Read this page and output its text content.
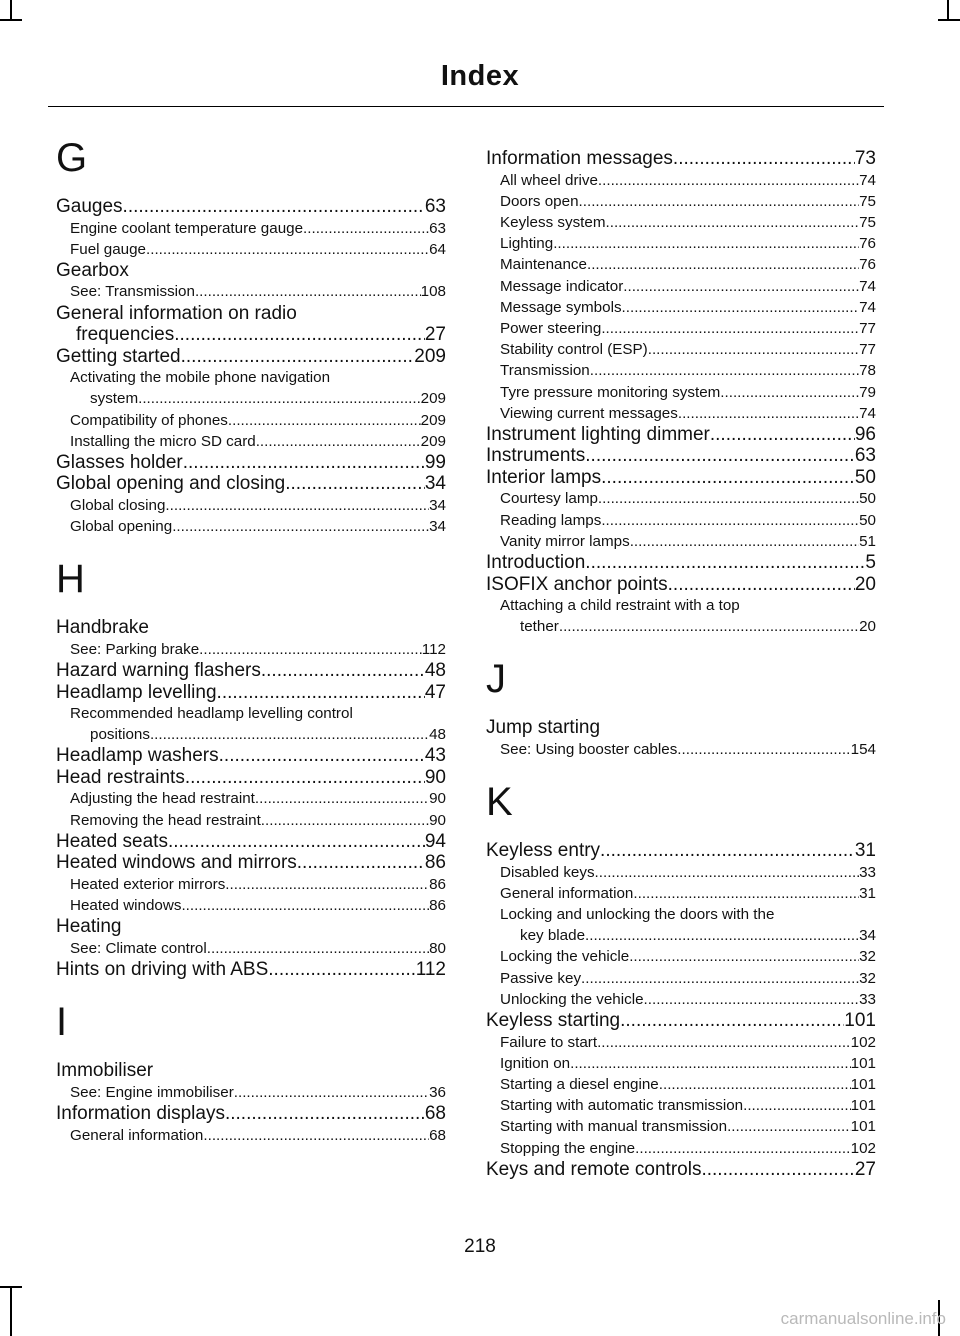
Index
G
Gauges .....	63
Engine coolant temperature gauge .....	63
Fuel gauge .....	64
Gearbox
See: Transmission .....	108
General information on radio
frequencies .....	27
Getting started .....	209
Activating the mobile phone navigation
system .....	209
Compatibility of phones .....	209
Installing the micro SD card .....	209
Glasses holder .....	99
Global opening and closing .....	34
Global closing .....	34
Global opening .....	34
H
Handbrake
See: Parking brake .....	112
Hazard warning flashers .....	48
Headlamp levelling .....	47
Recommended headlamp levelling control
positions .....	48
Headlamp washers .....	43
Head restraints .....	90
Adjusting the head restraint .....	90
Removing the head restraint .....	90
Heated seats .....	94
Heated windows and mirrors .....	86
Heated exterior mirrors .....	86
Heated windows .....	86
Heating
See: Climate control .....	80
Hints on driving with ABS .....	112
I
Immobiliser
See: Engine immobiliser .....	36
Information displays .....	68
General information .....	68
Information messages .....	73
All wheel drive .....	74
Doors open .....	75
Keyless system .....	75
Lighting .....	76
Maintenance .....	76
Message indicator .....	74
Message symbols .....	74
Power steering .....	77
Stability control (ESP) .....	77
Transmission .....	78
Tyre pressure monitoring system .....	79
Viewing current messages .....	74
Instrument lighting dimmer .....	96
Instruments .....	63
Interior lamps .....	50
Courtesy lamp .....	50
Reading lamps .....	50
Vanity mirror lamps .....	51
Introduction .....	5
ISOFIX anchor points .....	20
Attaching a child restraint with a top
tether .....	20
J
Jump starting
See: Using booster cables .....	154
K
Keyless entry .....	31
Disabled keys .....	33
General information .....	31
Locking and unlocking the doors with the
key blade .....	34
Locking the vehicle .....	32
Passive key .....	32
Unlocking the vehicle .....	33
Keyless starting .....	101
Failure to start .....	102
Ignition on .....	101
Starting a diesel engine .....	101
Starting with automatic transmission .....	101
Starting with manual transmission .....	101
Stopping the engine .....	102
Keys and remote controls .....	27
218
carmanualsonline.info
